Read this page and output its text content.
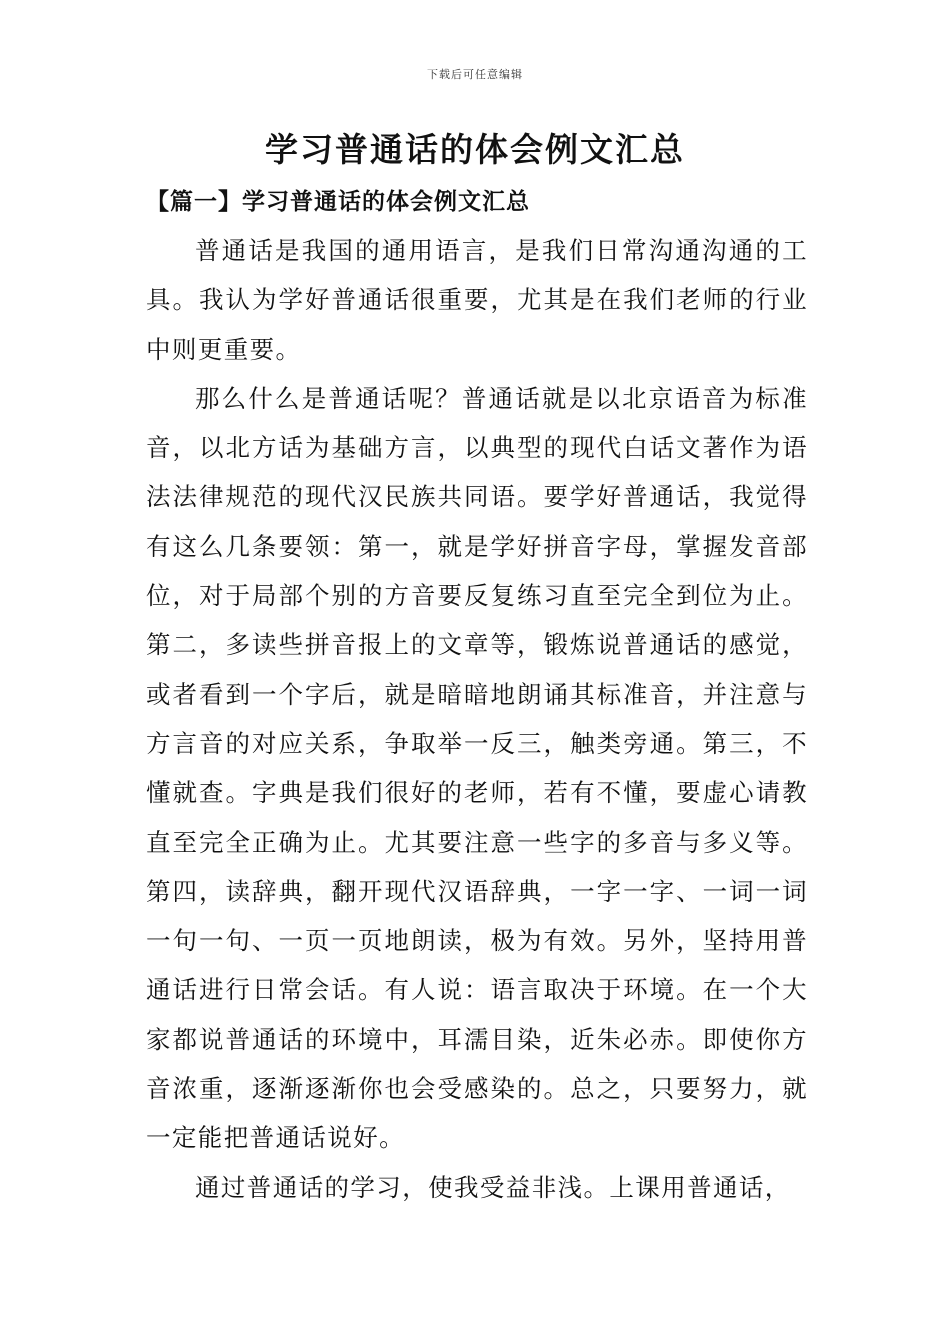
下载后可任意编辑
学习普通话的体会例文汇总
【篇一】学习普通话的体会例文汇总

普通话是我国的通用语言，是我们日常沟通沟通的工具。我认为学好普通话很重要，尤其是在我们老师的行业中则更重要。

那么什么是普通话呢？普通话就是以北京语音为标准音，以北方话为基础方言，以典型的现代白话文著作为语法法律规范的现代汉民族共同语。要学好普通话，我觉得有这么几条要领：第一，就是学好拼音字母，掌握发音部位，对于局部个别的方音要反复练习直至完全到位为止。第二，多读些拼音报上的文章等，锻炼说普通话的感觉，或者看到一个字后，就是暗暗地朗诵其标准音，并注意与方言音的对应关系，争取举一反三，触类旁通。第三，不懂就查。字典是我们很好的老师，若有不懂，要虚心请教直至完全正确为止。尤其要注意一些字的多音与多义等。第四，读辞典，翻开现代汉语辞典，一字一字、一词一词一句一句、一页一页地朗读，极为有效。另外，坚持用普通话进行日常会话。有人说：语言取决于环境。在一个大家都说普通话的环境中，耳濡目染，近朱必赤。即使你方音浓重，逐渐逐渐你也会受感染的。总之，只要努力，就一定能把普通话说好。

通过普通话的学习，使我受益非浅。上课用普通话，
